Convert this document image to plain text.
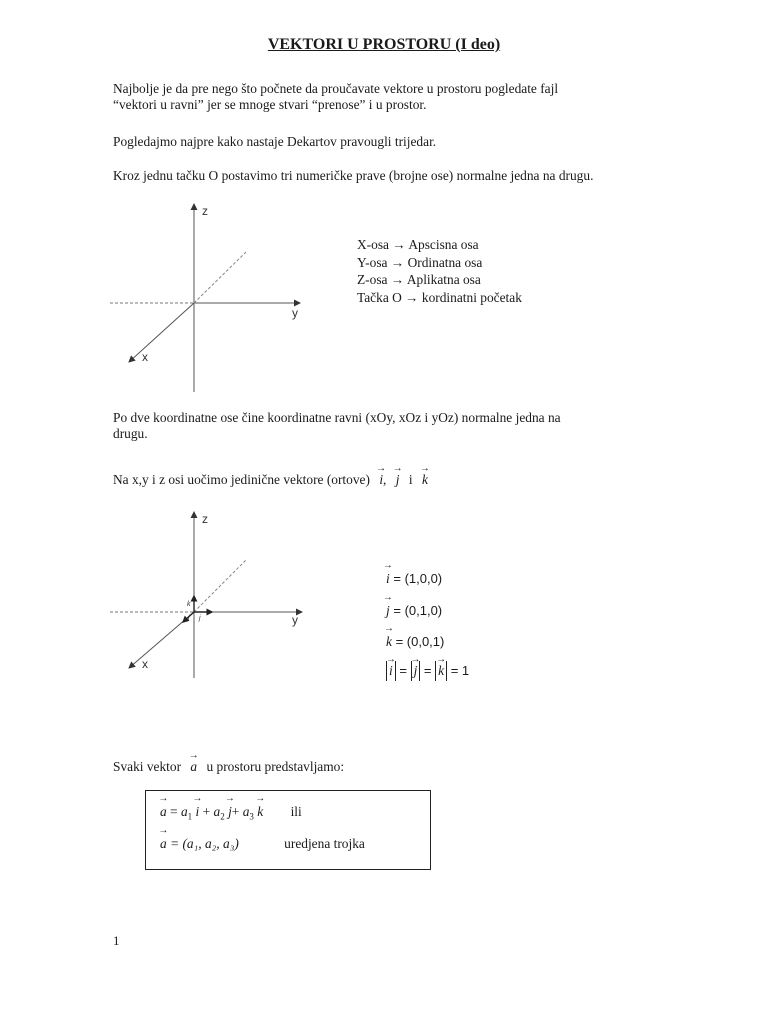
VEKTORI U PROSTORU (I deo)
Najbolje je da pre nego što počnete da proučavate vektore u prostoru pogledate fajl
“vektori u ravni” jer se mnoge stvari “prenose” i u prostor.
Pogledajmo najpre kako nastaje Dekartov pravougli trijedar.
Kroz jednu tačku O postavimo tri numeričke prave (brojne ose) normalne jedna na drugu.
z
y
x
X-osa → Apscisna osa
Y-osa → Ordinatna osa
Z-osa → Aplikatna osa
Tačka O → kordinatni početak
Po dve koordinatne ose čine koordinatne ravni (xOy, xOz i yOz) normalne jedna na
drugu.
Na x,y i z osi uočimo jedinične vektore (ortove) → i, → j i → k
k
j
i
z
y
x
→ i = (1,0,0)
→ j = (0,1,0)
→ k = (0,0,1)
→ i = → j = → k = 1
Svaki vektor → a u prostoru predstavljamo:
→ $a = a_1 \to i + a_2 \to j+ a_3 \to k$ ili
→ a = (a₁, a₂, a₃)	uredjena trojka
1
